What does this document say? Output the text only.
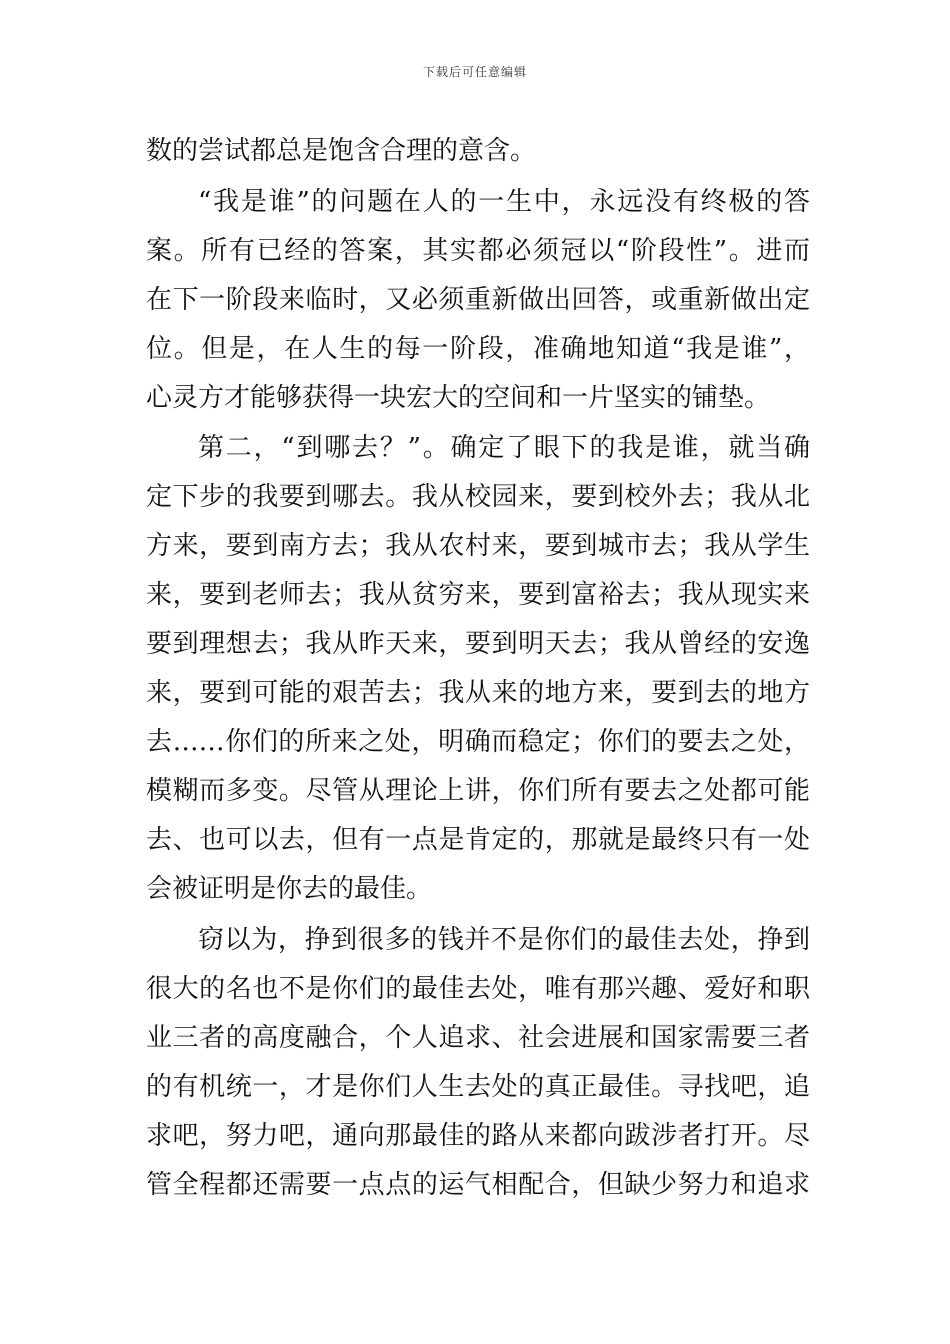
下载后可任意编辑
数的尝试都总是饱含合理的意含。
“我是谁”的问题在人的一生中，永远没有终极的答
案。所有已经的答案，其实都必须冠以“阶段性”。进而
在下一阶段来临时，又必须重新做出回答，或重新做出定
位。但是，在人生的每一阶段，准确地知道“我是谁”，
心灵方才能够获得一块宏大的空间和一片坚实的铺垫。
第二，“到哪去？”。确定了眼下的我是谁，就当确
定下步的我要到哪去。我从校园来，要到校外去；我从北
方来，要到南方去；我从农村来，要到城市去；我从学生
来，要到老师去；我从贫穷来，要到富裕去；我从现实来
要到理想去；我从昨天来，要到明天去；我从曾经的安逸
来，要到可能的艰苦去；我从来的地方来，要到去的地方
去……你们的所来之处，明确而稳定；你们的要去之处，
模糊而多变。尽管从理论上讲，你们所有要去之处都可能
去、也可以去，但有一点是肯定的，那就是最终只有一处
会被证明是你去的最佳。
窃以为，挣到很多的钱并不是你们的最佳去处，挣到
很大的名也不是你们的最佳去处，唯有那兴趣、爱好和职
业三者的高度融合，个人追求、社会进展和国家需要三者
的有机统一，才是你们人生去处的真正最佳。寻找吧，追
求吧，努力吧，通向那最佳的路从来都向跋涉者打开。尽
管全程都还需要一点点的运气相配合，但缺少努力和追求
